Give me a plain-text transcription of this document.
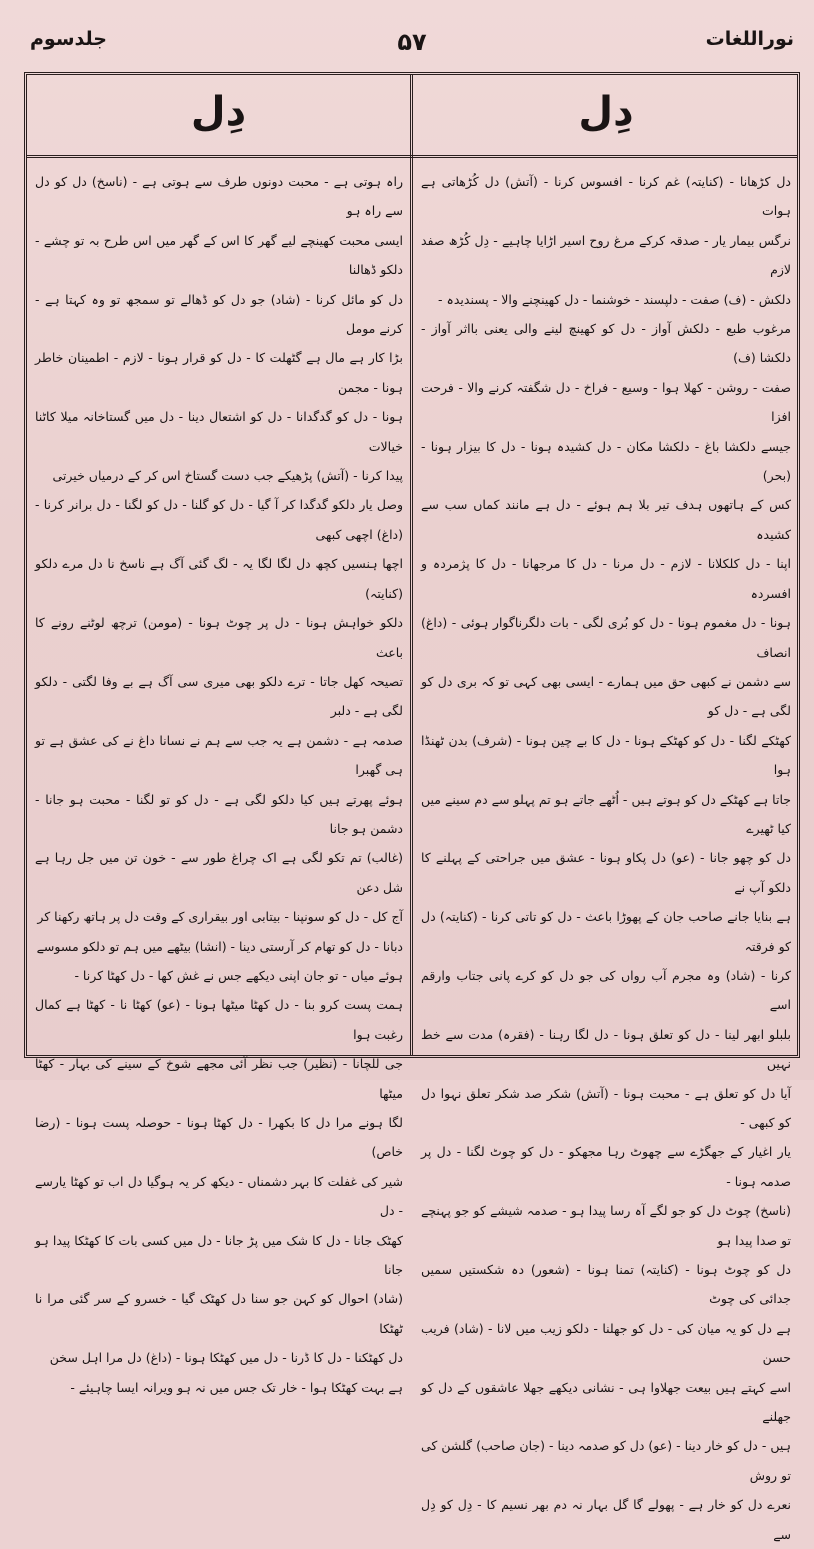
نوراللغات
۵۷
جلدسوم
دِل
دِل

دل کڑھانا - (کنایتہ) غم کرنا - افسوس کرنا - (آتش) دل کُڑھاتی ہے ہوات

نرگس بیمار یار - صدقہ کرکے مرغ روح اسیر اڑایا چاہیے - دِل کُڑھ صفد لازم

دلکش - (ف) صفت - دلپسند - خوشنما - دل کھینچنے والا - پسندیدہ -

مرغوب طبع - دلکش آواز - دل کو کھینچ لینے والی یعنی بااثر آواز - دلکشا (ف)

صفت - روشن - کھلا ہوا - وسیع - فراخ - دل شگفتہ کرنے والا - فرحت افزا

جیسے دلکشا باغ - دلکشا مکان - دل کشیدہ ہونا - دل کا بیزار ہونا - (بحر)

کس کے ہاتھوں ہدف تیر بلا ہم ہوئے - دل ہے مانند کماں سب سے کشیدہ

اپنا - دل کلکلانا - لازم - دل مرنا - دل کا مرجھانا - دل کا پژمردہ و افسردہ

ہونا - دل مغموم ہونا - دل کو بُری لگی - بات دلگرناگوار ہوئی - (داغ) انصاف

سے دشمن نے کبھی حق میں ہمارے - ایسی بھی کہی تو کہ بری دل کو لگی ہے - دل کو

کھٹکے لگنا - دل کو کھٹکے ہونا - دل کا بے چین ہونا - (شرف) بدن ٹھنڈا ہوا

جاتا ہے کھٹکے دل کو ہوتے ہیں - اُٹھے جاتے ہو تم پہلو سے دم سینے میں کیا ٹھیرے

دل کو چھو جانا - (عو) دل پکاو ہونا - عشق میں جراحتی کے پہلنے کا دلکو آپ نے

ہے بنایا جانے صاحب جان کے پھوڑا باعث - دل کو تاتی کرنا - (کنایتہ) دل کو فرقتہ

کرنا - (شاد) وہ مجرم آب رواں کی جو دل کو کرے پانی جتاب وارقم اسے

بلبلو ابھر لینا - دل کو تعلق ہونا - دل لگا رہنا - (فقرہ) مدت سے خط نہیں

آیا دل کو تعلق ہے - محبت ہونا - (آتش) شکر صد شکر تعلق نہوا دل کو کبھی -

یار اغیار کے جھگڑے سے چھوٹ رہا مجھکو - دل کو چوٹ لگنا - دل پر صدمہ ہونا -

(ناسخ) چوٹ دل کو جو لگے آہ رسا پیدا ہو - صدمہ شیشے کو جو پہنچے تو صدا پیدا ہو

دل کو چوٹ ہونا - (کنایتہ) تمنا ہونا - (شعور) دہ شکستیں سمیں جدائی کی چوٹ

ہے دل کو یہ میان کی - دل کو جھلنا - دلکو زیب میں لانا - (شاد) فریب حسن

اسے کہتے ہیں بیعت جھلاوا ہی - نشانی دیکھے جھلا عاشقوں کے دل کو جھلنے

ہیں - دل کو خار دینا - (عو) دل کو صدمہ دینا - (جان صاحب) گلشن کی تو روش

نعرے دل کو خار ہے - پھولے گا گل بہار نہ دم بھر نسیم کا - دِل کو دِل سے

راہ ہوتی ہے - محبت دونوں طرف سے ہوتی ہے - (ناسخ) دل کو دل سے راہ ہو

ایسی محبت کھینچے لیے گھر کا اس کے گھر میں اس طرح بہ تو چشے - دلکو ڈھالنا

دل کو مائل کرنا - (شاد) جو دل کو ڈھالے تو سمجھ تو وہ کہتا ہے - کرنے مومل

بڑا کار ہے مال ہے گٹھلت کا - دل کو قرار ہونا - لازم - اطمینان خاطر ہونا - مجمن

ہونا - دل کو گدگدانا - دل کو اشتعال دینا - دل میں گستاخانہ میلا کاٹنا خیالات

پیدا کرنا - (آتش) پڑھیکے جب دست گستاخ اس کر کے درمیاں خیرتی

وصل یار دلکو گدگدا کر آ گیا - دل کو گلنا - دل کو لگنا - دل برانر کرنا - (داغ) اچھی کبھی

اچھا ہنسیں کچھ دل لگا لگا یہ - لگ گئی آگ ہے ناسخ نا دل مرے دلکو (کنایتہ)

دلکو خواہش ہونا - دل پر چوٹ ہونا - (مومن) ترچھ لوٹنے رونے کا باعث

تصیحہ کھل جاتا - ترے دلکو بھی میری سی آگ ہے بے وفا لگتی - دلکو لگی ہے - دلبر

صدمہ ہے - دشمن ہے یہ جب سے ہم نے نسانا داغ نے کی عشق ہے تو ہی گھبرا

ہوئے پھرتے ہیں کیا دلکو لگی ہے - دل کو تو لگنا - محبت ہو جانا - دشمن ہو جانا

(غالب) تم تکو لگی ہے اک چراغ طور سے - خون تن میں جل رہا ہے شل دعن

آج کل - دل کو سونپنا - بیتابی اور بیقراری کے وقت دل پر ہاتھ رکھنا کر

دبانا - دل کو تھام کر آرستی دینا - (انشا) بیٹھے میں ہم تو دلکو مسوسے

ہوئے میاں - تو جان اپنی دیکھے جس نے غش کھا - دل کھٹا کرنا -

ہمت پست کرو بنا - دل کھٹا میٹھا ہونا - (عو) کھٹا نا - کھٹا ہے کمال رغبت ہوا

جی للچانا - (نظیر) جب نظر آئی مجھے شوخ کے سینے کی بہار - کھٹا میٹھا

لگا ہونے مرا دل کا بکھرا - دل کھٹا ہونا - حوصلہ پست ہونا - (رضا خاص)

شیر کی غفلت کا بہر دشمناں - دیکھ کر یہ ہوگیا دل اب تو کھٹا یارسے - دل

کھٹک جانا - دل کا شک میں پڑ جانا - دل میں کسی بات کا کھٹکا پیدا ہو جانا

(شاد) احوال کو کہن جو سنا دل کھٹک گیا - خسرو کے سر گئی مرا نا ٹھٹکا

دل کھٹکنا - دل کا ڈرنا - دل میں کھٹکا ہونا - (داغ) دل مرا اہل سخن

ہے بہت کھٹکا ہوا - خار تک جس میں نہ ہو ویرانہ ایسا چاہیئے -
